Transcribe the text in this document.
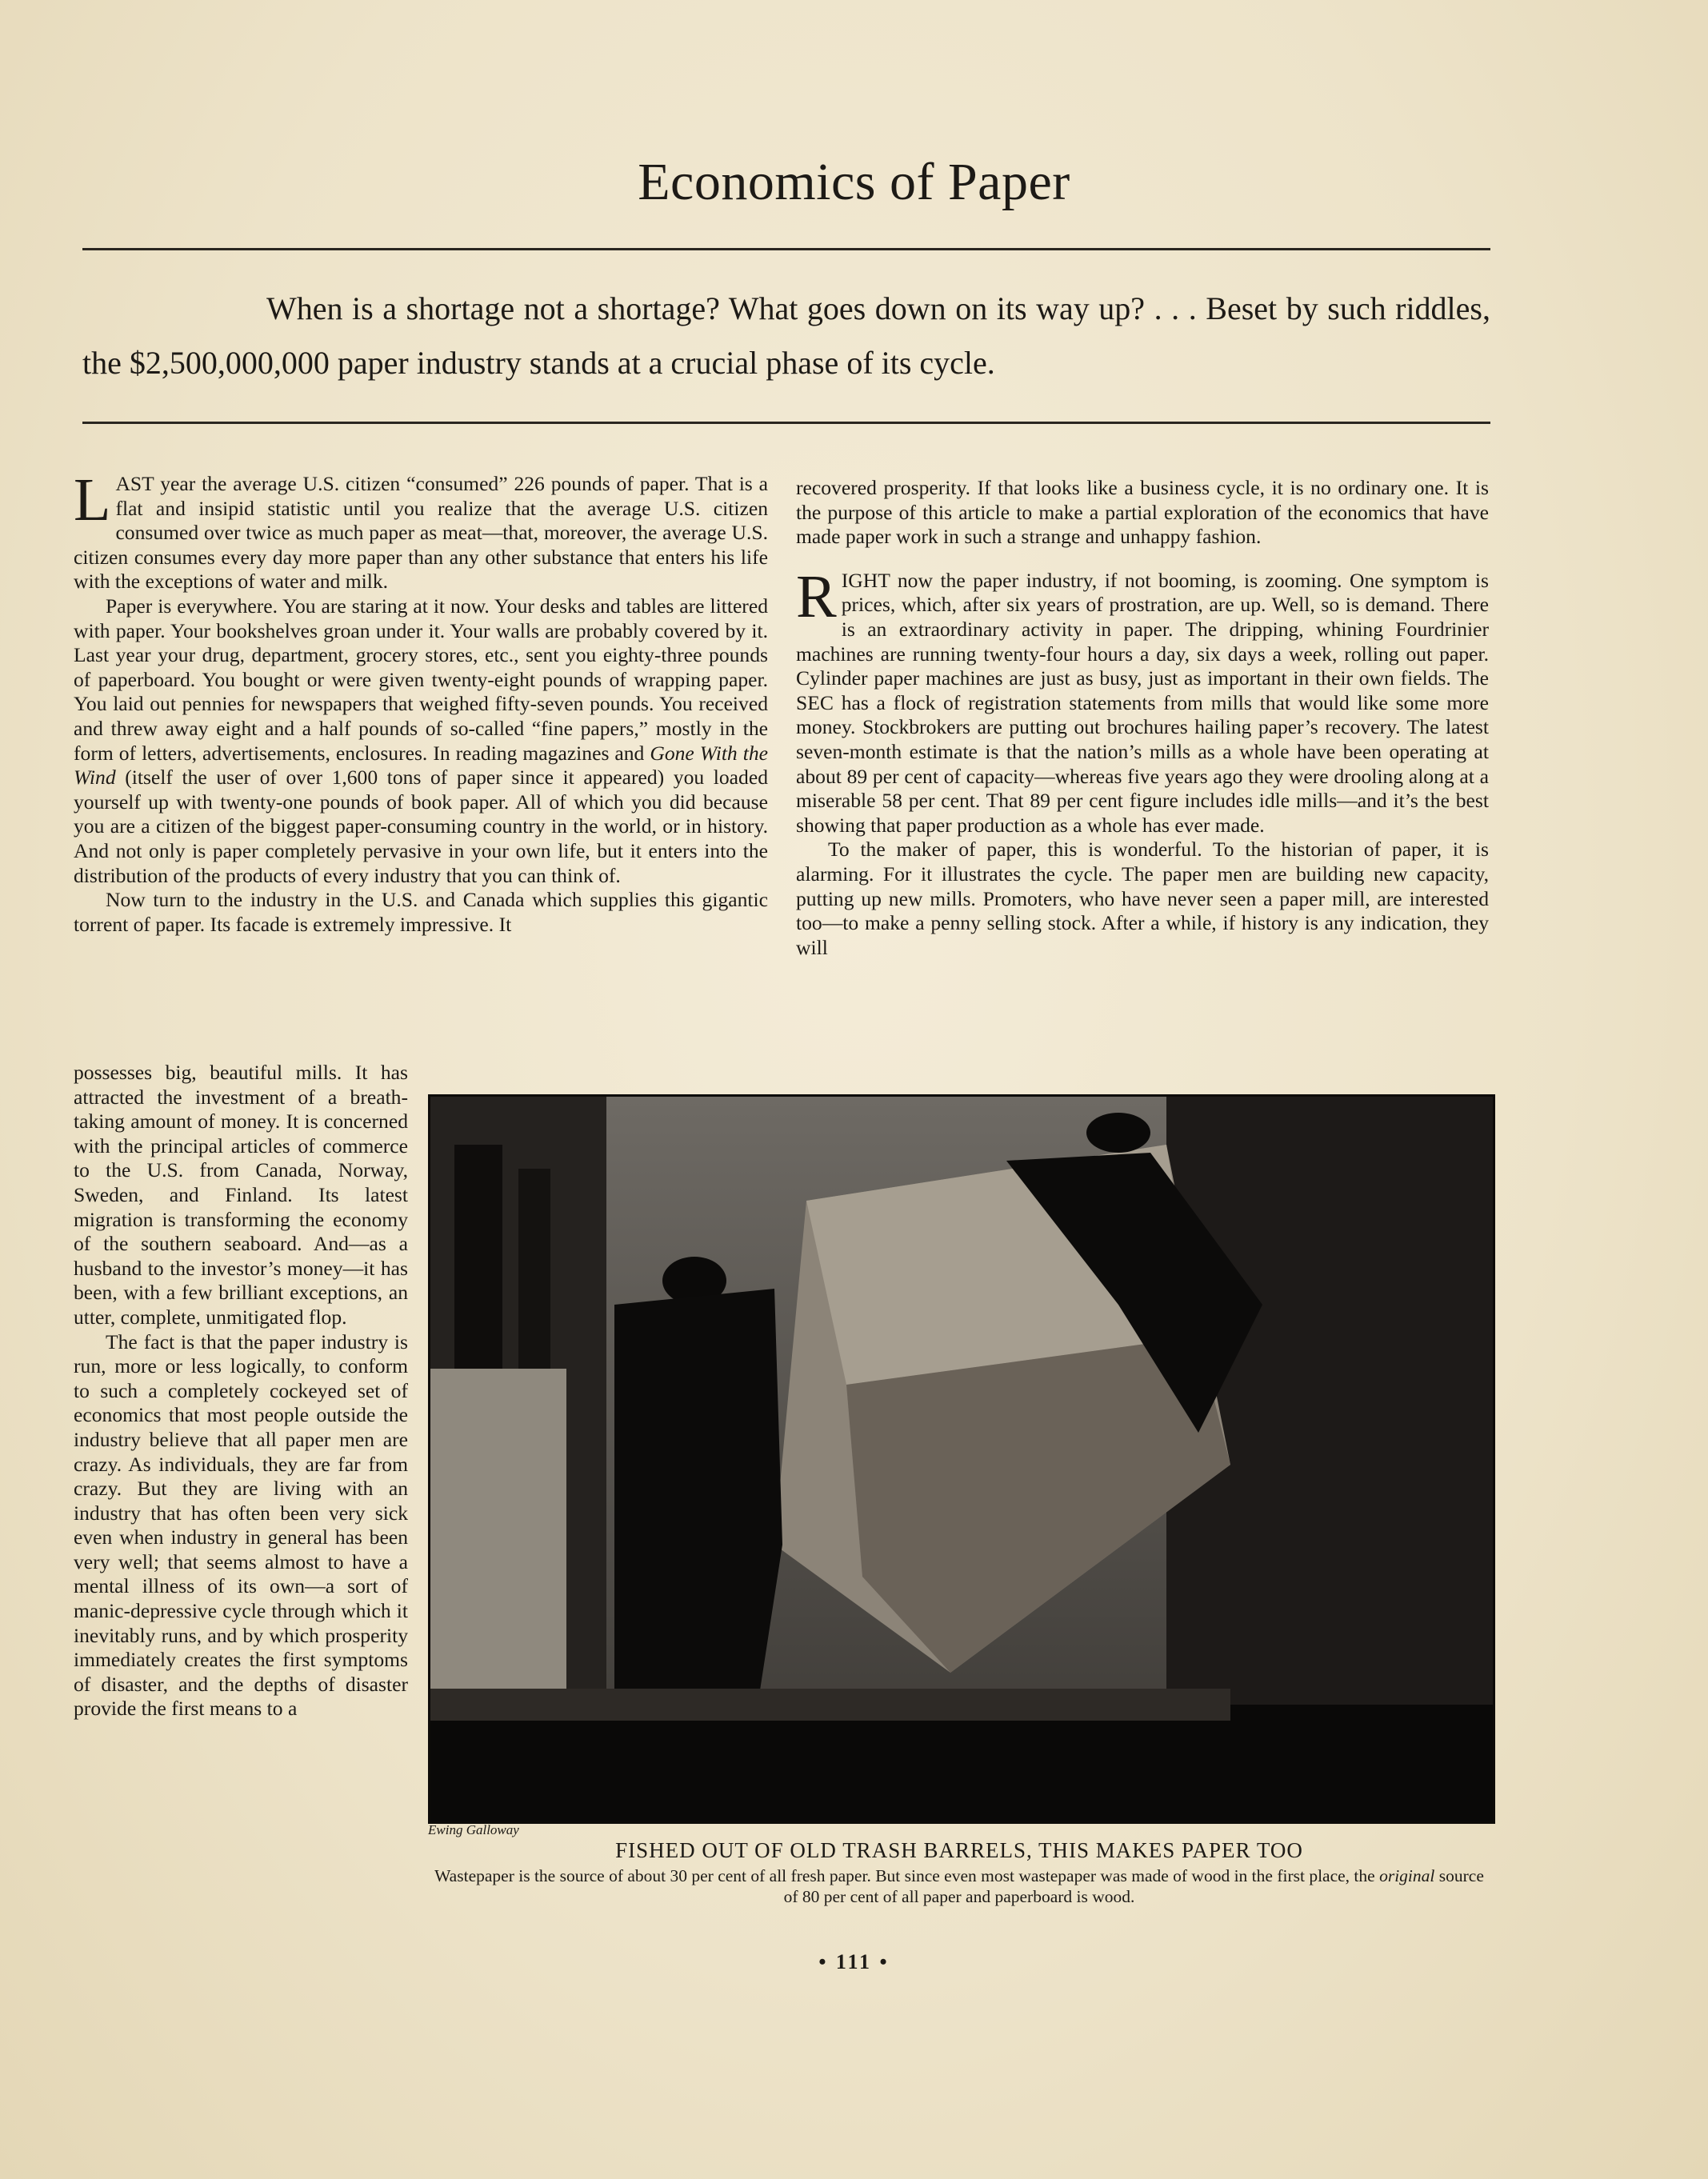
Economics of Paper

When is a shortage not a shortage? What goes down on its way up? . . . Beset by such riddles, the $2,500,000,000 paper industry stands at a crucial phase of its cycle.

LAST year the average U.S. citizen “consumed” 226 pounds of paper. That is a flat and insipid statistic until you realize that the average U.S. citizen consumed over twice as much paper as meat—that, moreover, the average U.S. citizen consumes every day more paper than any other substance that enters his life with the exceptions of water and milk.

Paper is everywhere. You are staring at it now. Your desks and tables are littered with paper. Your bookshelves groan under it. Your walls are probably covered by it. Last year your drug, department, grocery stores, etc., sent you eighty-three pounds of paperboard. You bought or were given twenty-eight pounds of wrapping paper. You laid out pennies for newspapers that weighed fifty-seven pounds. You received and threw away eight and a half pounds of so-called “fine papers,” mostly in the form of letters, advertisements, enclosures. In reading magazines and Gone With the Wind (itself the user of over 1,600 tons of paper since it appeared) you loaded yourself up with twenty-one pounds of book paper. All of which you did because you are a citizen of the biggest paper-consuming country in the world, or in history. And not only is paper completely pervasive in your own life, but it enters into the distribution of the products of every industry that you can think of.

Now turn to the industry in the U.S. and Canada which supplies this gigantic torrent of paper. Its facade is extremely impressive. It

possesses big, beautiful mills. It has attracted the investment of a breath-taking amount of money. It is concerned with the principal articles of commerce to the U.S. from Canada, Norway, Sweden, and Finland. Its latest migration is transforming the economy of the southern seaboard. And—as a husband to the investor’s money—it has been, with a few brilliant exceptions, an utter, complete, unmitigated flop.

The fact is that the paper industry is run, more or less logically, to conform to such a completely cockeyed set of economics that most people outside the industry believe that all paper men are crazy. As individuals, they are far from crazy. But they are living with an industry that has often been very sick even when industry in general has been very well; that seems almost to have a mental illness of its own—a sort of manic-depressive cycle through which it inevitably runs, and by which prosperity immediately creates the first symptoms of disaster, and the depths of disaster provide the first means to a

recovered prosperity. If that looks like a business cycle, it is no ordinary one. It is the purpose of this article to make a partial exploration of the economics that have made paper work in such a strange and unhappy fashion.

RIGHT now the paper industry, if not booming, is zooming. One symptom is prices, which, after six years of prostration, are up. Well, so is demand. There is an extraordinary activity in paper. The dripping, whining Fourdrinier machines are running twenty-four hours a day, six days a week, rolling out paper. Cylinder paper machines are just as busy, just as important in their own fields. The SEC has a flock of registration statements from mills that would like some more money. Stockbrokers are putting out brochures hailing paper’s recovery. The latest seven-month estimate is that the nation’s mills as a whole have been operating at about 89 per cent of capacity—whereas five years ago they were drooling along at a miserable 58 per cent. That 89 per cent figure includes idle mills—and it’s the best showing that paper production as a whole has ever made.

To the maker of paper, this is wonderful. To the historian of paper, it is alarming. For it illustrates the cycle. The paper men are building new capacity, putting up new mills. Promoters, who have never seen a paper mill, are interested too—to make a penny selling stock. After a while, if history is any indication, they will

Ewing Galloway
FISHED OUT OF OLD TRASH BARRELS, THIS MAKES PAPER TOO
Wastepaper is the source of about 30 per cent of all fresh paper. But since even most wastepaper was made of wood in the first place, the original source of 80 per cent of all paper and paperboard is wood.
• 111 •
